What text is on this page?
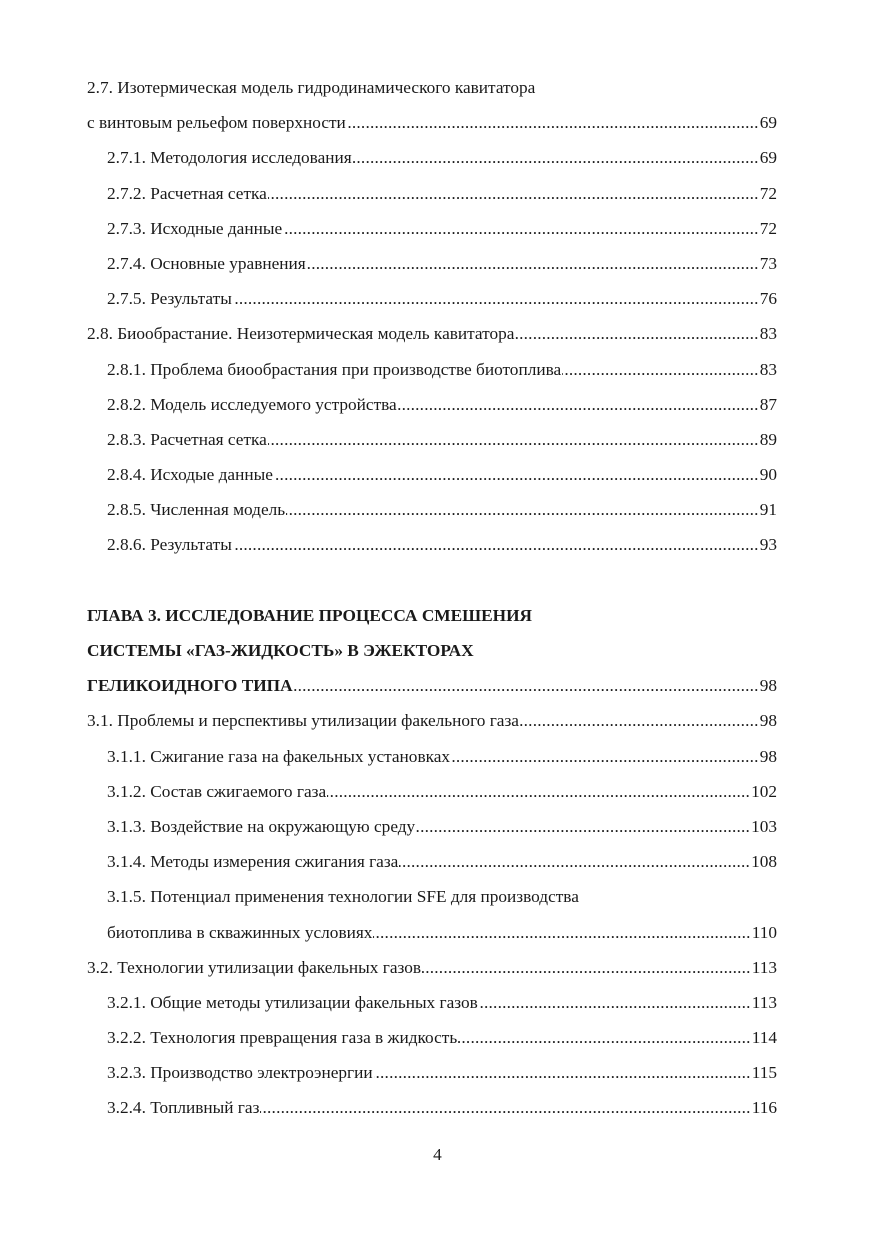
2.7. Изотермическая модель гидродинамического кавитатора
с винтовым рельефом поверхности .....	69
2.7.1. Методология исследования .....	69
2.7.2. Расчетная сетка .....	72
2.7.3. Исходные данные .....	72
2.7.4. Основные уравнения .....	73
2.7.5. Результаты .....	76
2.8. Биообрастание. Неизотермическая модель кавитатора .....	83
2.8.1. Проблема биообрастания при производстве биотоплива .....	83
2.8.2. Модель исследуемого устройства .....	87
2.8.3. Расчетная сетка .....	89
2.8.4. Исходые данные .....	90
2.8.5. Численная модель .....	91
2.8.6. Результаты .....	93
ГЛАВА 3. ИССЛЕДОВАНИЕ ПРОЦЕССА СМЕШЕНИЯ
СИСТЕМЫ «ГАЗ-ЖИДКОСТЬ» В ЭЖЕКТОРАХ
ГЕЛИКОИДНОГО ТИПА .....	98
3.1. Проблемы и перспективы утилизации факельного газа .....	98
3.1.1. Сжигание газа на факельных установках .....	98
3.1.2. Состав сжигаемого газа .....	102
3.1.3. Воздействие на окружающую среду .....	103
3.1.4. Методы измерения сжигания газа .....	108
3.1.5. Потенциал применения технологии SFE для производства
биотоплива в скважинных условиях .....	110
3.2. Технологии утилизации факельных газов .....	113
3.2.1. Общие методы утилизации факельных газов .....	113
3.2.2. Технология превращения газа в жидкость .....	114
3.2.3. Производство электроэнергии .....	115
3.2.4. Топливный газ .....	116
4
